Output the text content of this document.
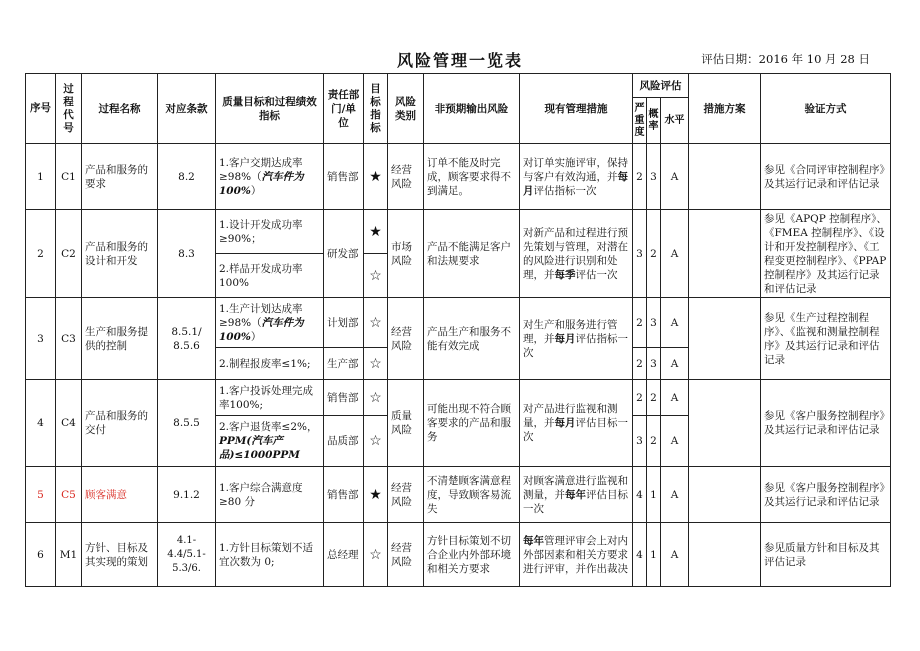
风险管理一览表	评估日期：2016 年 10 月 28 日
序号	过程代号	过程名称	对应条款	质量目标和过程绩效指标	责任部门/单位	目标指标	风险类别	非预期输出风险	现有管理措施	风险评估			措施方案	验证方式
										严重度	概率	水平		
1	C1	产品和服务的要求	8.2	1.客户交期达成率≥98%（汽车件为100%）	销售部	★	经营风险	订单不能及时完成，顾客要求得不到满足。	对订单实施评审，保持与客户有效沟通，并每月评估指标一次	2	3	A		参见《合同评审控制程序》及其运行记录和评估记录
2	C2	产品和服务的设计和开发	8.3	1.设计开发成功率≥90%；	研发部	★	市场风险	产品不能满足客户和法规要求	对新产品和过程进行预先策划与管理，对潜在的风险进行识别和处理，并每季评估一次	3	2	A		参见《APQP 控制程序》、《FMEA 控制程序》、《设计和开发控制程序》、《工程变更控制程序》、《PPAP 控制程序》及其运行记录和评估记录
				2.样品开发成功率100%		☆								
3	C3	生产和服务提供的控制	8.5.1/ 8.5.6	1.生产计划达成率≥98%（汽车件为100%）	计划部	☆	经营风险	产品生产和服务不能有效完成	对生产和服务进行管理，并每月评估指标一次	2	3	A		参见《生产过程控制程序》、《监视和测量控制程序》及其运行记录和评估记录
				2.制程报废率≤1%;	生产部	☆				2	3	A		
4	C4	产品和服务的交付	8.5.5	1.客户投诉处理完成率100%;	销售部	☆	质量风险	可能出现不符合顾客要求的产品和服务	对产品进行监视和测量，并每月评估目标一次	2	2	A		参见《客户服务控制程序》及其运行记录和评估记录
				2.客户退货率≤2%，PPM(汽车产品)≤1000PPM	品质部	☆				3	2	A		
5	C5	顾客满意	9.1.2	1.客户综合满意度≥80 分	销售部	★	经营风险	不清楚顾客满意程度，导致顾客易流失	对顾客满意进行监视和测量，并每年评估目标一次	4	1	A		参见《客户服务控制程序》及其运行记录和评估记录
6	M1	方针、目标及其实现的策划	4.1-4.4/5.1-5.3/6.	1.方针目标策划不适宜次数为 0;	总经理	☆	经营风险	方针目标策划不切合企业内外部环境和相关方要求	每年管理评审会上对内外部因素和相关方要求进行评审，并作出裁决	4	1	A		参见质量方针和目标及其评估记录
